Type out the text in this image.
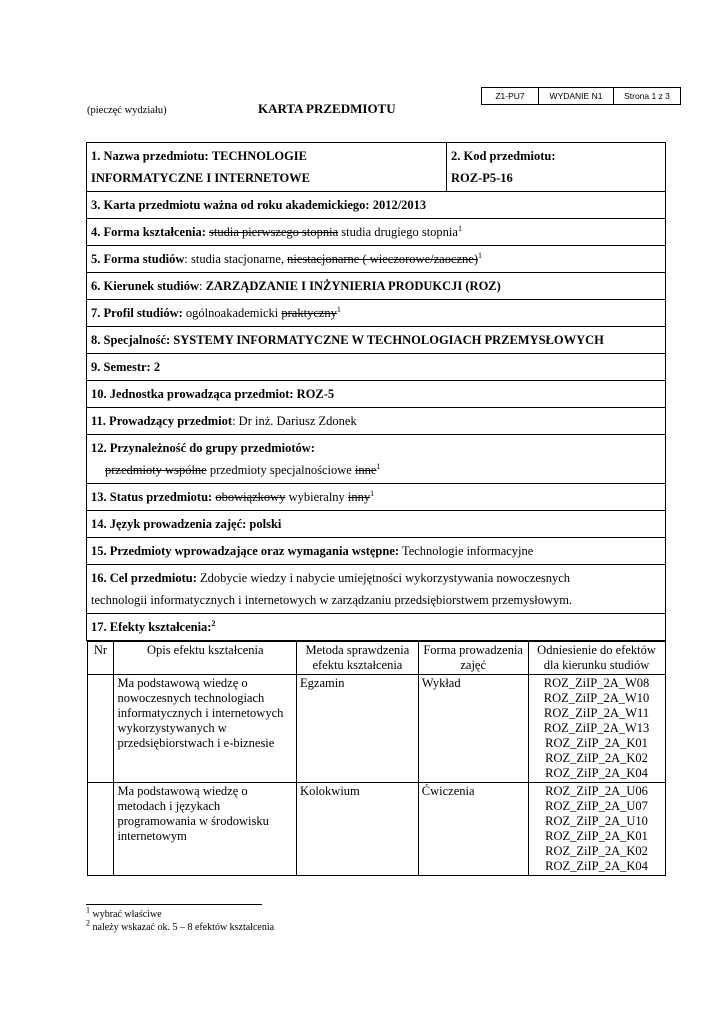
Z1-PU7	WYDANIE N1	Strona 1 z 3
(pieczęć wydziału)	KARTA PRZEDMIOTU
1. Nazwa przedmiotu: TECHNOLOGIE
INFORMATYCZNE I INTERNETOWE

2. Kod przedmiotu:
ROZ-P5-16

3. Karta przedmiotu ważna od roku akademickiego: 2012/2013
4. Forma kształcenia: studia pierwszego stopnia studia drugiego stopnia$^1$
5. Forma studiów: studia stacjonarne, niestacjonarne ( wieczorowe/zaoczne)$^1$
6. Kierunek studiów: ZARZĄDZANIE I INŻYNIERIA PRODUKCJI (ROZ)
7. Profil studiów: ogólnoakademicki praktyczny$^1$
8. Specjalność: SYSTEMY INFORMATYCZNE W TECHNOLOGIACH PRZEMYSŁOWYCH
9. Semestr: 2
10. Jednostka prowadząca przedmiot: ROZ-5
11. Prowadzący przedmiot: Dr inż. Dariusz Zdonek

12. Przynależność do grupy przedmiotów:
przedmioty wspólne przedmioty specjalnościowe inne$^1$

13. Status przedmiotu: obowiązkowy wybieralny inny$^1$
14. Język prowadzenia zajęć: polski
15. Przedmioty wprowadzające oraz wymagania wstępne: Technologie informacyjne

16. Cel przedmiotu: Zdobycie wiedzy i nabycie umiejętności wykorzystywania nowoczesnych
technologii informatycznych i internetowych w zarządzaniu przedsiębiorstwem przemysłowym.

17. Efekty kształcenia:$^2$

Nr	Opis efektu kształcenia	Metoda sprawdzenia efektu kształcenia	Forma prowadzenia zajęć	Odniesienie do efektów dla kierunku studiów
	Ma podstawową wiedzę o nowoczesnych technologiach informatycznych i internetowych wykorzystywanych w przedsiębiorstwach i e-biznesie	Egzamin	Wykład	ROZ_ZiIP_2A_W08
ROZ_ZiIP_2A_W10
ROZ_ZiIP_2A_W11
ROZ_ZiIP_2A_W13
ROZ_ZiIP_2A_K01
ROZ_ZiIP_2A_K02
ROZ_ZiIP_2A_K04

	Ma podstawową wiedzę o metodach i językach programowania w środowisku internetowym	Kolokwium	Ćwiczenia	ROZ_ZiIP_2A_U06
ROZ_ZiIP_2A_U07
ROZ_ZiIP_2A_U10
ROZ_ZiIP_2A_K01
ROZ_ZiIP_2A_K02
ROZ_ZiIP_2A_K04
$^1$ wybrać właściwe
$^2$ należy wskazać ok. 5 – 8 efektów kształcenia
